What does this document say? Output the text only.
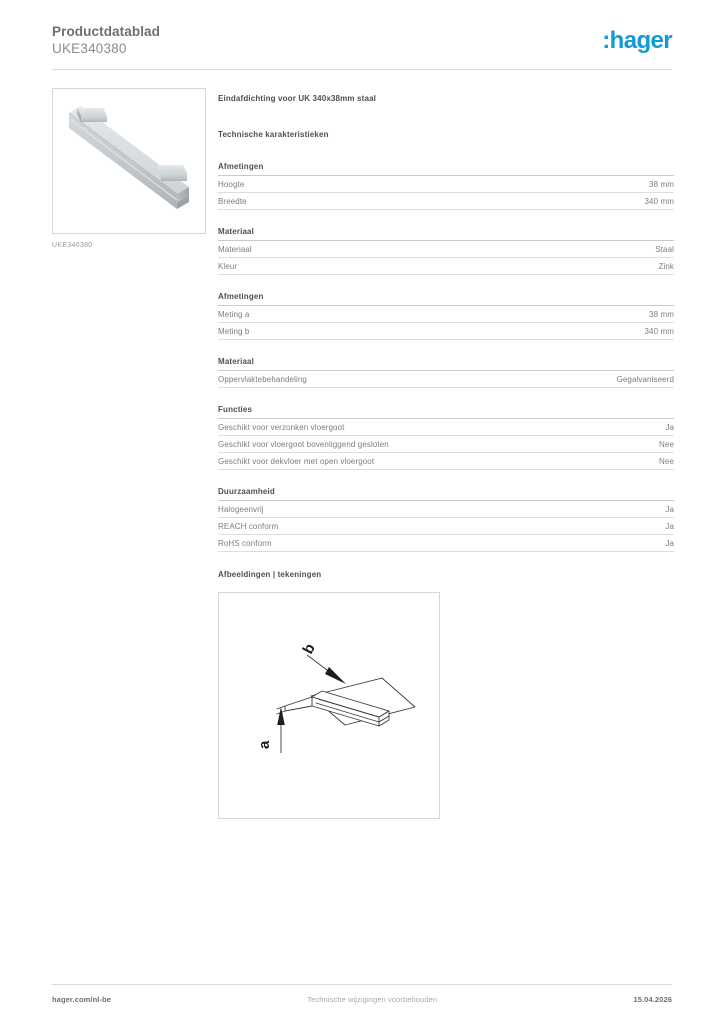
Productdatablad
UKE340380	:hager
UKE340380
Eindafdichting voor UK 340x38mm staal
Technische karakteristieken
Afmetingen
Hoogte	38 mm
Breedte	340 mm
Materiaal
Materiaal	Staal
Kleur	Zink
Afmetingen
Meting a	38 mm
Meting b	340 mm
Materiaal
Oppervlaktebehandeling	Gegalvaniseerd
Functies
Geschikt voor verzonken vloergoot	Ja
Geschikt voor vloergoot bovenliggend gesloten	Nee
Geschikt voor dekvloer met open vloergoot	Nee
Duurzaamheid
Halogeenvrij	Ja
REACH conform	Ja
RoHS conform	Ja
Afbeeldingen | tekeningen
a
b
hager.com/nl-be	Technische wijzigingen voorbehouden	15.04.2026
